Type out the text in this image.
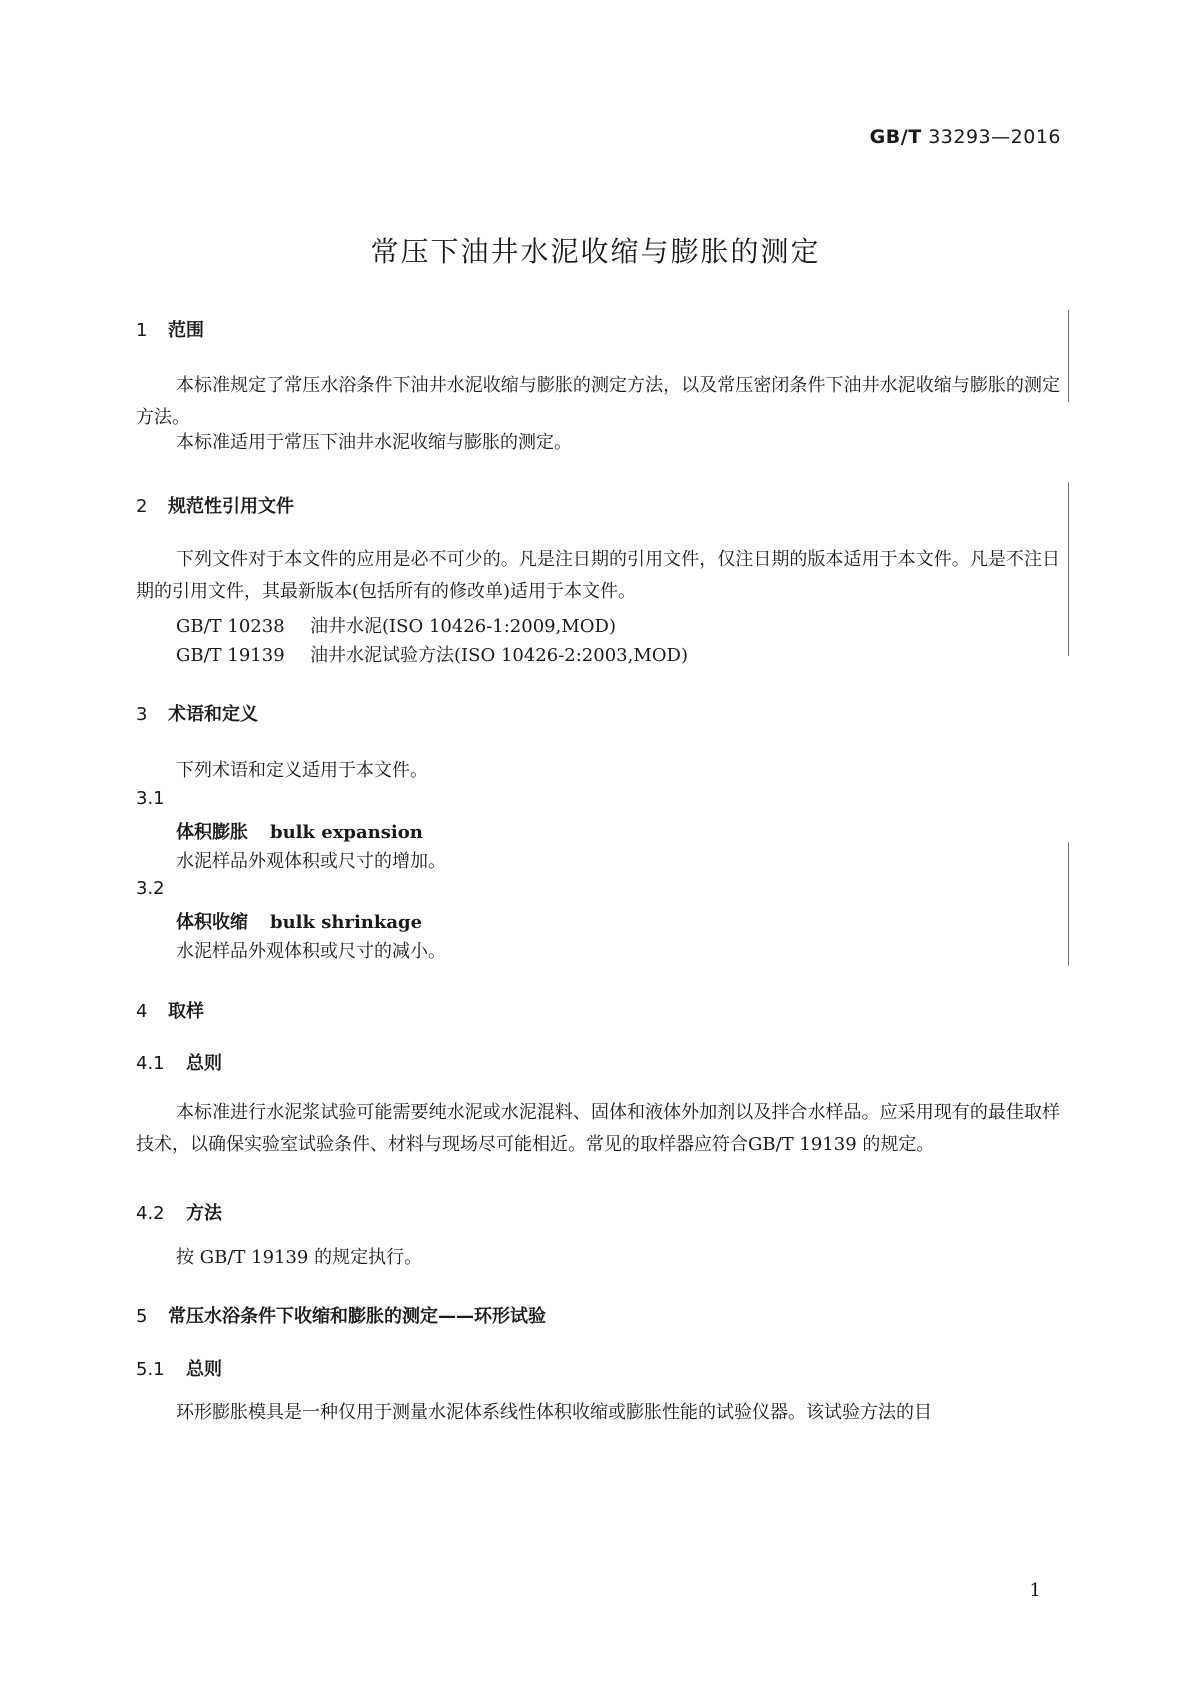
GB/T 33293—2016
常压下油井水泥收缩与膨胀的测定
1 范围
本标准规定了常压水浴条件下油井水泥收缩与膨胀的测定方法，以及常压密闭条件下油井水泥收缩与膨胀的测定方法。
本标准适用于常压下油井水泥收缩与膨胀的测定。
2 规范性引用文件
下列文件对于本文件的应用是必不可少的。凡是注日期的引用文件，仅注日期的版本适用于本文件。凡是不注日期的引用文件，其最新版本(包括所有的修改单)适用于本文件。
GB/T 10238 油井水泥(ISO 10426-1:2009,MOD)
GB/T 19139 油井水泥试验方法(ISO 10426-2:2003,MOD)
3 术语和定义
下列术语和定义适用于本文件。
3.1
体积膨胀 bulk expansion
水泥样品外观体积或尺寸的增加。
3.2
体积收缩 bulk shrinkage
水泥样品外观体积或尺寸的减小。
4 取样
4.1 总则
本标准进行水泥浆试验可能需要纯水泥或水泥混料、固体和液体外加剂以及拌合水样品。应采用现有的最佳取样技术，以确保实验室试验条件、材料与现场尽可能相近。常见的取样器应符合GB/T 19139 的规定。
4.2 方法
按 GB/T 19139 的规定执行。
5 常压水浴条件下收缩和膨胀的测定——环形试验
5.1 总则
环形膨胀模具是一种仅用于测量水泥体系线性体积收缩或膨胀性能的试验仪器。该试验方法的目
1
